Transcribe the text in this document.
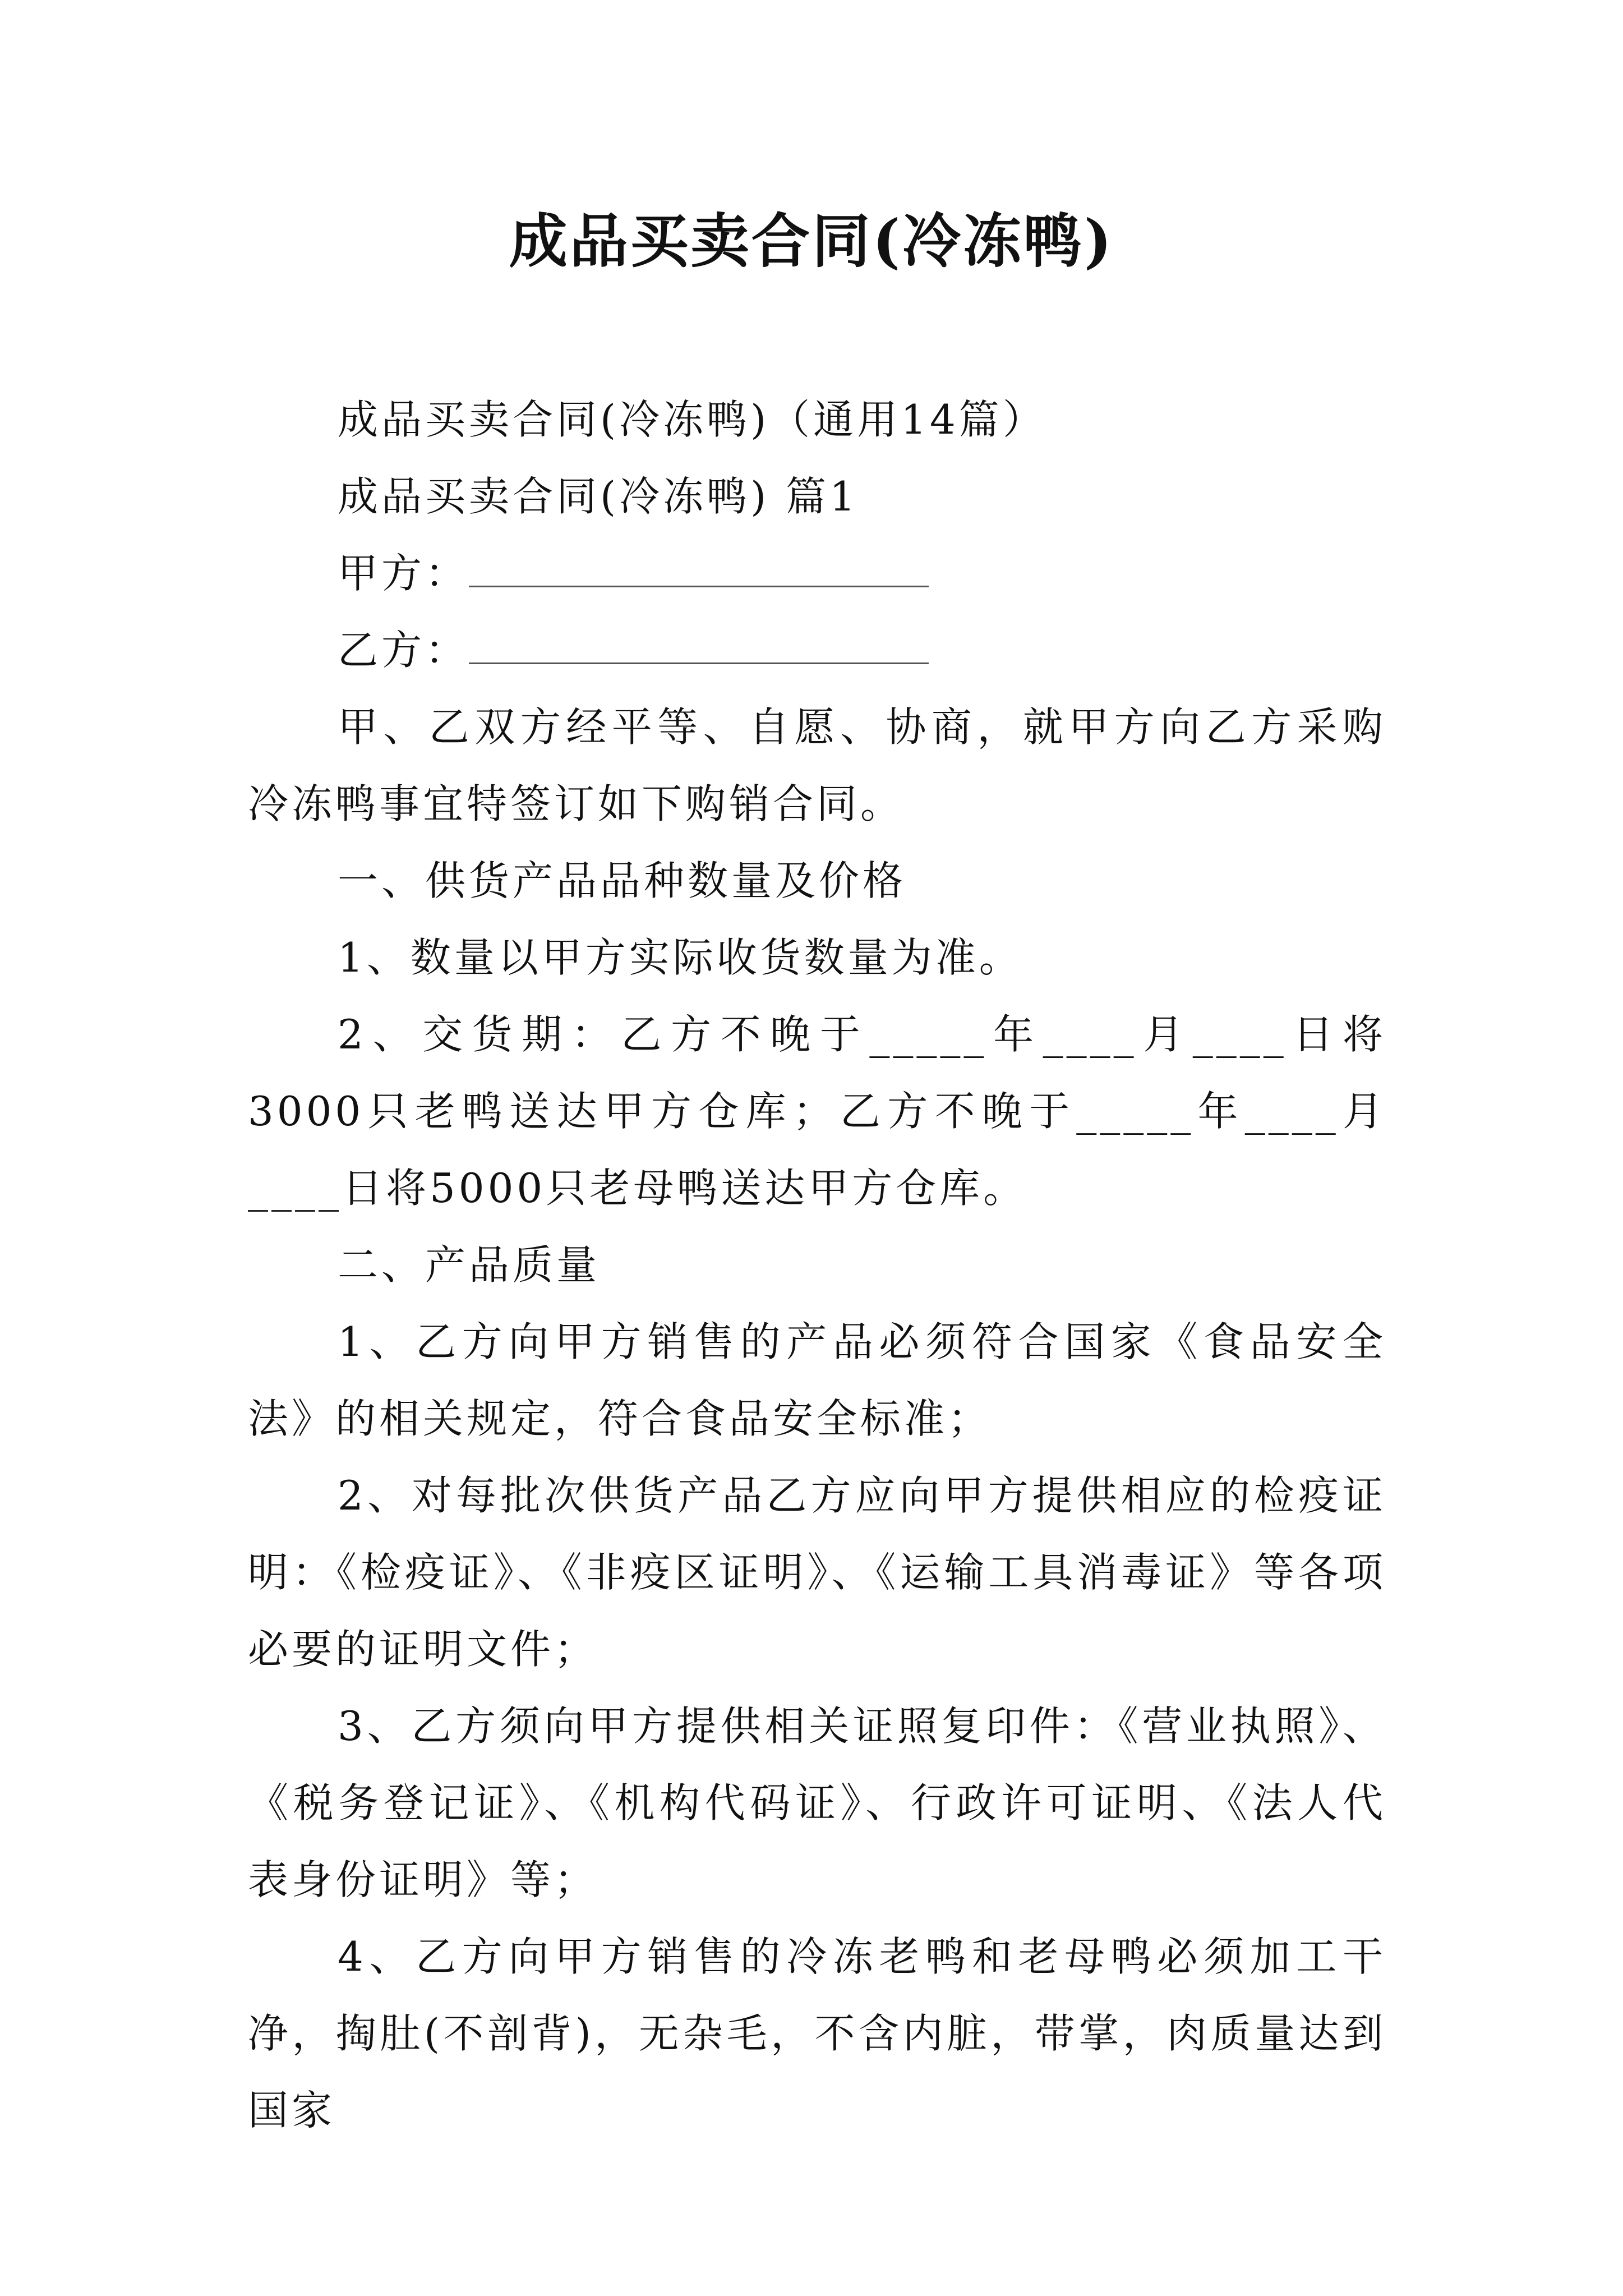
成品买卖合同(冷冻鸭)

成品买卖合同(冷冻鸭)（通用14篇）

成品买卖合同(冷冻鸭) 篇1

甲方：

乙方：

甲、乙双方经平等、自愿、协商，就甲方向乙方采购冷冻鸭事宜特签订如下购销合同。

一、供货产品品种数量及价格

1、数量以甲方实际收货数量为准。

2、交货期：乙方不晚于_____年____月____日将3000只老鸭送达甲方仓库；乙方不晚于_____年____月____日将5000只老母鸭送达甲方仓库。

二、产品质量

1、乙方向甲方销售的产品必须符合国家《食品安全法》的相关规定，符合食品安全标准；

2、对每批次供货产品乙方应向甲方提供相应的检疫证明：《检疫证》、《非疫区证明》、《运输工具消毒证》等各项必要的证明文件；

3、乙方须向甲方提供相关证照复印件：《营业执照》、《税务登记证》、《机构代码证》、行政许可证明、《法人代表身份证明》等；

4、乙方向甲方销售的冷冻老鸭和老母鸭必须加工干净，掏肚(不剖背)，无杂毛，不含内脏，带掌，肉质量达到国家
